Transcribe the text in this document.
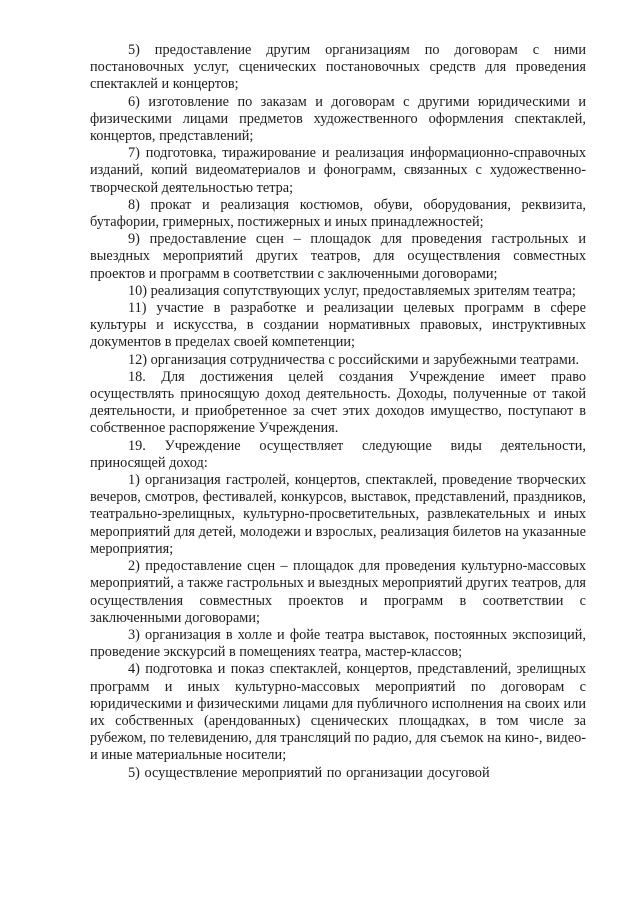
5) предоставление другим организациям по договорам с ними постановочных услуг, сценических постановочных средств для проведения спектаклей и концертов;

6) изготовление по заказам и договорам с другими юридическими и физическими лицами предметов художественного оформления спектаклей, концертов, представлений;

7) подготовка, тиражирование и реализация информационно-справочных изданий, копий видеоматериалов и фонограмм, связанных с художественно-творческой деятельностью тетра;

8) прокат и реализация костюмов, обуви, оборудования, реквизита, бутафории, гримерных, постижерных и иных принадлежностей;

9) предоставление сцен – площадок для проведения гастрольных и выездных мероприятий других театров, для осуществления совместных проектов и программ в соответствии с заключенными договорами;

10) реализация сопутствующих услуг, предоставляемых зрителям театра;

11) участие в разработке и реализации целевых программ в сфере культуры и искусства, в создании нормативных правовых, инструктивных документов в пределах своей компетенции;

12) организация сотрудничества с российскими и зарубежными театрами.

18. Для достижения целей создания Учреждение имеет право осуществлять приносящую доход деятельность. Доходы, полученные от такой деятельности, и приобретенное за счет этих доходов имущество, поступают в собственное распоряжение Учреждения.

19. Учреждение осуществляет следующие виды деятельности, приносящей доход:

1) организация гастролей, концертов, спектаклей, проведение творческих вечеров, смотров, фестивалей, конкурсов, выставок, представлений, праздников, театрально-зрелищных, культурно-просветительных, развлекательных и иных мероприятий для детей, молодежи и взрослых, реализация билетов на указанные мероприятия;

2) предоставление сцен – площадок для проведения культурно-массовых мероприятий, а также гастрольных и выездных мероприятий других театров, для осуществления совместных проектов и программ в соответствии с заключенными договорами;

3) организация в холле и фойе театра выставок, постоянных экспозиций, проведение экскурсий в помещениях театра, мастер-классов;

4) подготовка и показ спектаклей, концертов, представлений, зрелищных программ и иных культурно-массовых мероприятий по договорам с юридическими и физическими лицами для публичного исполнения на своих или их собственных (арендованных) сценических площадках, в том числе за рубежом, по телевидению, для трансляций по радио, для съемок на кино-, видео- и иные материальные носители;

5) осуществление мероприятий по организации досуговой
